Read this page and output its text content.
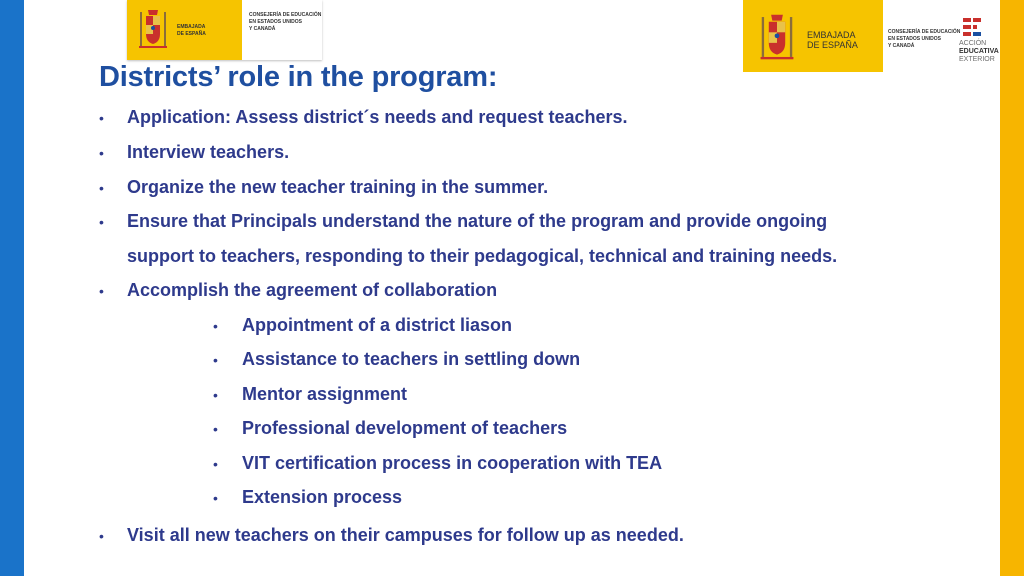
EMBAJADA
DE ESPAÑA
CONSEJERÍA DE EDUCACIÓN
EN ESTADOS UNIDOS
Y CANADÁ
EMBAJADA
DE ESPAÑA
CONSEJERÍA DE EDUCACIÓN
EN ESTADOS UNIDOS
Y CANADÁ	ACCIÓN
EDUCATIVA
EXTERIOR
Districts’ role in the program:
• Application: Assess district´s needs and request teachers.
• Interview teachers.
• Organize the new teacher training in the summer.
• Ensure that Principals understand the nature of the program and provide ongoing
support to teachers, responding to their pedagogical, technical and training needs.
• Accomplish the agreement of collaboration
• Appointment of a district liason
• Assistance to teachers in settling down
• Mentor assignment
• Professional development of teachers
• VIT certification process in cooperation with TEA
• Extension process
• Visit all new teachers on their campuses for follow up as needed.
